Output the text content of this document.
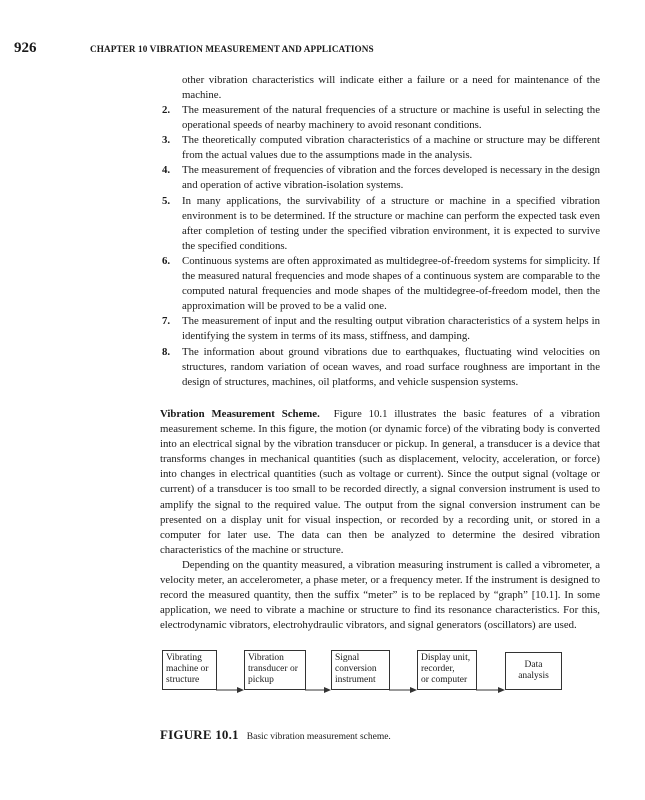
926	CHAPTER 10 VIBRATION MEASUREMENT AND APPLICATIONS

other vibration characteristics will indicate either a failure or a need for maintenance of the machine.

2. The measurement of the natural frequencies of a structure or machine is useful in selecting the operational speeds of nearby machinery to avoid resonant conditions.
3. The theoretically computed vibration characteristics of a machine or structure may be different from the actual values due to the assumptions made in the analysis.
4. The measurement of frequencies of vibration and the forces developed is necessary in the design and operation of active vibration-isolation systems.
5. In many applications, the survivability of a structure or machine in a specified vibration environment is to be determined. If the structure or machine can perform the expected task even after completion of testing under the specified vibration environment, it is expected to survive the specified conditions.
6. Continuous systems are often approximated as multidegree-of-freedom systems for simplicity. If the measured natural frequencies and mode shapes of a continuous system are comparable to the computed natural frequencies and mode shapes of the multidegree-of-freedom model, then the approximation will be proved to be a valid one.
7. The measurement of input and the resulting output vibration characteristics of a system helps in identifying the system in terms of its mass, stiffness, and damping.
8. The information about ground vibrations due to earthquakes, fluctuating wind velocities on structures, random variation of ocean waves, and road surface roughness are important in the design of structures, machines, oil platforms, and vehicle suspension systems.

Vibration Measurement Scheme. Figure 10.1 illustrates the basic features of a vibration measurement scheme. In this figure, the motion (or dynamic force) of the vibrating body is converted into an electrical signal by the vibration transducer or pickup. In general, a transducer is a device that transforms changes in mechanical quantities (such as displacement, velocity, acceleration, or force) into changes in electrical quantities (such as voltage or current). Since the output signal (voltage or current) of a transducer is too small to be recorded directly, a signal conversion instrument is used to amplify the signal to the required value. The output from the signal conversion instrument can be presented on a display unit for visual inspection, or recorded by a recording unit, or stored in a computer for later use. The data can then be analyzed to determine the desired vibration characteristics of the machine or structure.

Depending on the quantity measured, a vibration measuring instrument is called a vibrometer, a velocity meter, an accelerometer, a phase meter, or a frequency meter. If the instrument is designed to record the measured quantity, then the suffix “meter” is to be replaced by “graph” [10.1]. In some application, we need to vibrate a machine or structure to find its resonance characteristics. For this, electrodynamic vibrators, electrohydraulic vibrators, and signal generators (oscillators) are used.

Vibrating
machine or
structure
Vibration
transducer or
pickup
Signal
conversion
instrument
Display unit,
recorder,
or computer
Data
analysis
FIGURE 10.1 Basic vibration measurement scheme.
